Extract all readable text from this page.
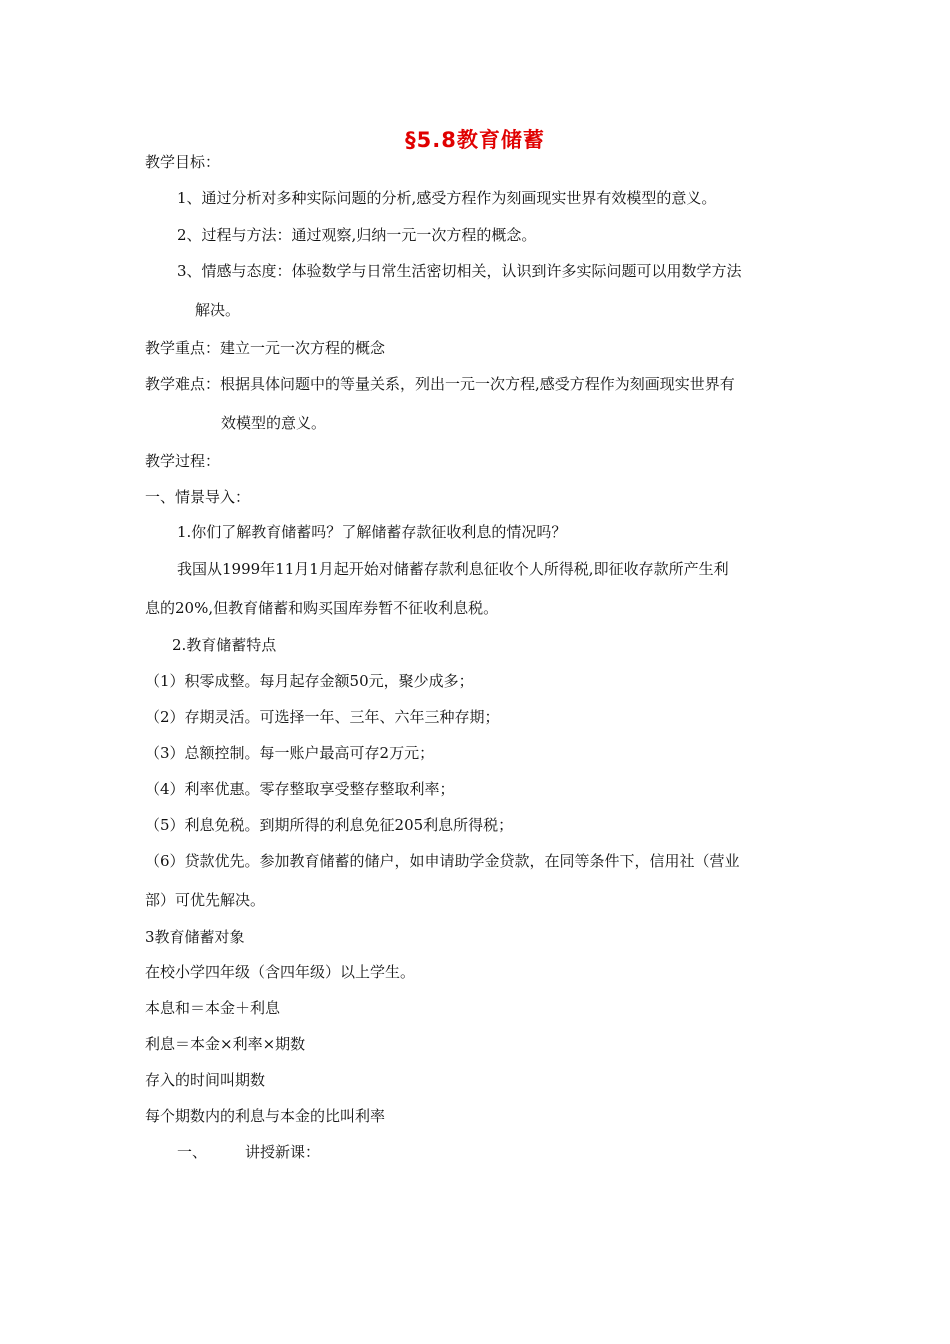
§5.8教育储蓄
教学目标：
1、通过分析对多种实际问题的分析,感受方程作为刻画现实世界有效模型的意义。
2、过程与方法：通过观察,归纳一元一次方程的概念。
3、情感与态度：体验数学与日常生活密切相关，认识到许多实际问题可以用数学方法
解决。
教学重点：建立一元一次方程的概念
教学难点：根据具体问题中的等量关系，列出一元一次方程,感受方程作为刻画现实世界有
效模型的意义。
教学过程：
一、情景导入：
1.你们了解教育储蓄吗？了解储蓄存款征收利息的情况吗？
我国从1999年11月1月起开始对储蓄存款利息征收个人所得税,即征收存款所产生利
息的20%,但教育储蓄和购买国库券暂不征收利息税。
2.教育储蓄特点
（1）积零成整。每月起存金额50元，聚少成多；
（2）存期灵活。可选择一年、三年、六年三种存期；
（3）总额控制。每一账户最高可存2万元；
（4）利率优惠。零存整取享受整存整取利率；
（5）利息免税。到期所得的利息免征205利息所得税；
（6）贷款优先。参加教育储蓄的储户，如申请助学金贷款，在同等条件下，信用社（营业
部）可优先解决。
3教育储蓄对象
在校小学四年级（含四年级）以上学生。
本息和＝本金＋利息
利息＝本金×利率×期数
存入的时间叫期数
每个期数内的利息与本金的比叫利率
一、	讲授新课：
